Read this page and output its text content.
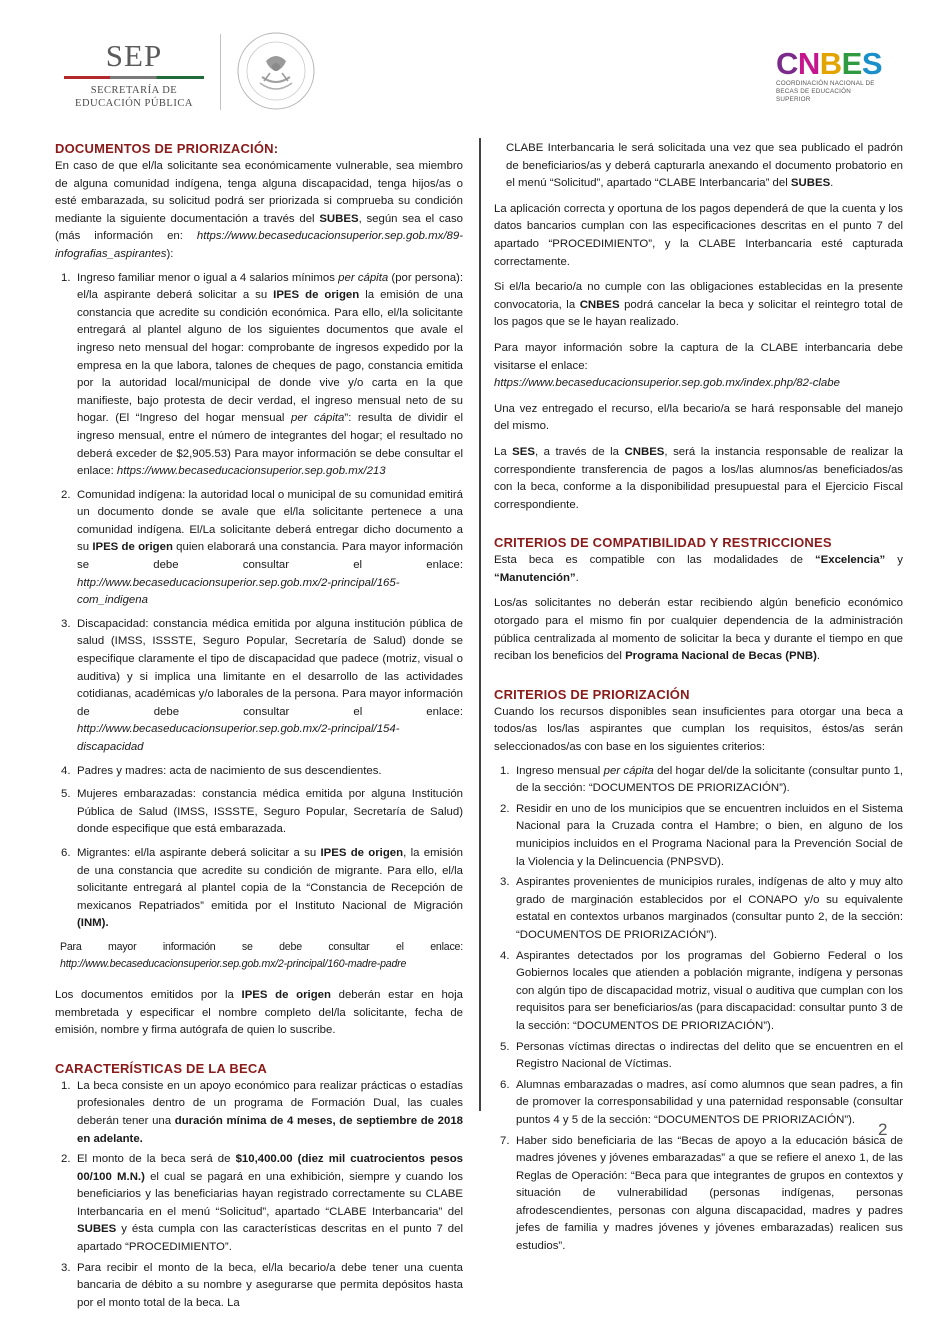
SEP
SECRETARÍA DE
EDUCACIÓN PÚBLICA
CNBES
COORDINACIÓN NACIONAL DE
BECAS DE EDUCACIÓN SUPERIOR
DOCUMENTOS DE PRIORIZACIÓN:

En caso de que el/la solicitante sea económicamente vulnerable, sea miembro de alguna comunidad indígena, tenga alguna discapacidad, tenga hijos/as o esté embarazada, su solicitud podrá ser priorizada si comprueba su condición mediante la siguiente documentación a través del SUBES, según sea el caso (más información en: https://www.becaseducacionsuperior.sep.gob.mx/89-infografias_aspirantes):

1. Ingreso familiar menor o igual a 4 salarios mínimos per cápita (por persona): el/la aspirante deberá solicitar a su IPES de origen la emisión de una constancia que acredite su condición económica. Para ello, el/la solicitante entregará al plantel alguno de los siguientes documentos que avale el ingreso neto mensual del hogar: comprobante de ingresos expedido por la empresa en la que labora, talones de cheques de pago, constancia emitida por la autoridad local/municipal de donde vive y/o carta en la que manifieste, bajo protesta de decir verdad, el ingreso mensual neto de su hogar. (El “Ingreso del hogar mensual per cápita”: resulta de dividir el ingreso mensual, entre el número de integrantes del hogar; el resultado no deberá exceder de $2,905.53) Para mayor información se debe consultar el enlace: https://www.becaseducacionsuperior.sep.gob.mx/213
2. Comunidad indígena: la autoridad local o municipal de su comunidad emitirá un documento donde se avale que el/la solicitante pertenece a una comunidad indígena. El/La solicitante deberá entregar dicho documento a su IPES de origen quien elaborará una constancia. Para mayor información se debe consultar el enlace: http://www.becaseducacionsuperior.sep.gob.mx/2-principal/165-com_indigena
3. Discapacidad: constancia médica emitida por alguna institución pública de salud (IMSS, ISSSTE, Seguro Popular, Secretaría de Salud) donde se especifique claramente el tipo de discapacidad que padece (motriz, visual o auditiva) y si implica una limitante en el desarrollo de las actividades cotidianas, académicas y/o laborales de la persona. Para mayor información de debe consultar el enlace: http://www.becaseducacionsuperior.sep.gob.mx/2-principal/154-discapacidad
4. Padres y madres: acta de nacimiento de sus descendientes.
5. Mujeres embarazadas: constancia médica emitida por alguna Institución Pública de Salud (IMSS, ISSSTE, Seguro Popular, Secretaría de Salud) donde especifique que está embarazada.
6. Migrantes: el/la aspirante deberá solicitar a su IPES de origen, la emisión de una constancia que acredite su condición de migrante. Para ello, el/la solicitante entregará al plantel copia de la “Constancia de Recepción de mexicanos Repatriados” emitida por el Instituto Nacional de Migración (INM).

Para mayor información se debe consultar el enlace: http://www.becaseducacionsuperior.sep.gob.mx/2-principal/160-madre-padre

Los documentos emitidos por la IPES de origen deberán estar en hoja membretada y especificar el nombre completo del/la solicitante, fecha de emisión, nombre y firma autógrafa de quien lo suscribe.

CARACTERÍSTICAS DE LA BECA
1. La beca consiste en un apoyo económico para realizar prácticas o estadías profesionales dentro de un programa de Formación Dual, las cuales deberán tener una duración mínima de 4 meses, de septiembre de 2018 en adelante.
2. El monto de la beca será de $10,400.00 (diez mil cuatrocientos pesos 00/100 M.N.) el cual se pagará en una exhibición, siempre y cuando los beneficiarios y las beneficiarias hayan registrado correctamente su CLABE Interbancaria en el menú “Solicitud”, apartado “CLABE Interbancaria” del SUBES y ésta cumpla con las características descritas en el punto 7 del apartado “PROCEDIMIENTO”.
3. Para recibir el monto de la beca, el/la becario/a debe tener una cuenta bancaria de débito a su nombre y asegurarse que permita depósitos hasta por el monto total de la beca. La

CLABE Interbancaria le será solicitada una vez que sea publicado el padrón de beneficiarios/as y deberá capturarla anexando el documento probatorio en el menú “Solicitud”, apartado “CLABE Interbancaria” del SUBES.

La aplicación correcta y oportuna de los pagos dependerá de que la cuenta y los datos bancarios cumplan con las especificaciones descritas en el punto 7 del apartado “PROCEDIMIENTO”, y la CLABE Interbancaria esté capturada correctamente.

Si el/la becario/a no cumple con las obligaciones establecidas en la presente convocatoria, la CNBES podrá cancelar la beca y solicitar el reintegro total de los pagos que se le hayan realizado.

Para mayor información sobre la captura de la CLABE interbancaria debe visitarse el enlace:
https://www.becaseducacionsuperior.sep.gob.mx/index.php/82-clabe

Una vez entregado el recurso, el/la becario/a se hará responsable del manejo del mismo.

La SES, a través de la CNBES, será la instancia responsable de realizar la correspondiente transferencia de pagos a los/las alumnos/as beneficiados/as con la beca, conforme a la disponibilidad presupuestal para el Ejercicio Fiscal correspondiente.

CRITERIOS DE COMPATIBILIDAD Y RESTRICCIONES

Esta beca es compatible con las modalidades de “Excelencia” y “Manutención”.

Los/as solicitantes no deberán estar recibiendo algún beneficio económico otorgado para el mismo fin por cualquier dependencia de la administración pública centralizada al momento de solicitar la beca y durante el tiempo en que reciban los beneficios del Programa Nacional de Becas (PNB).

CRITERIOS DE PRIORIZACIÓN

Cuando los recursos disponibles sean insuficientes para otorgar una beca a todos/as los/las aspirantes que cumplan los requisitos, éstos/as serán seleccionados/as con base en los siguientes criterios:

1. Ingreso mensual per cápita del hogar del/de la solicitante (consultar punto 1, de la sección: “DOCUMENTOS DE PRIORIZACIÓN”).
2. Residir en uno de los municipios que se encuentren incluidos en el Sistema Nacional para la Cruzada contra el Hambre; o bien, en alguno de los municipios incluidos en el Programa Nacional para la Prevención Social de la Violencia y la Delincuencia (PNPSVD).
3. Aspirantes provenientes de municipios rurales, indígenas de alto y muy alto grado de marginación establecidos por el CONAPO y/o su equivalente estatal en contextos urbanos marginados (consultar punto 2, de la sección: “DOCUMENTOS DE PRIORIZACIÓN”).
4. Aspirantes detectados por los programas del Gobierno Federal o los Gobiernos locales que atienden a población migrante, indígena y personas con algún tipo de discapacidad motriz, visual o auditiva que cumplan con los requisitos para ser beneficiarios/as (para discapacidad: consultar punto 3 de la sección: “DOCUMENTOS DE PRIORIZACIÓN”).
5. Personas víctimas directas o indirectas del delito que se encuentren en el Registro Nacional de Víctimas.
6. Alumnas embarazadas o madres, así como alumnos que sean padres, a fin de promover la corresponsabilidad y una paternidad responsable (consultar puntos 4 y 5 de la sección: “DOCUMENTOS DE PRIORIZACIÓN”).
7. Haber sido beneficiaria de las “Becas de apoyo a la educación básica de madres jóvenes y jóvenes embarazadas” a que se refiere el anexo 1, de las Reglas de Operación: “Beca para que integrantes de grupos en contextos y situación de vulnerabilidad (personas indígenas, personas afrodescendientes, personas con alguna discapacidad, madres y padres jefes de familia y madres jóvenes y jóvenes embarazadas) realicen sus estudios”.
2
